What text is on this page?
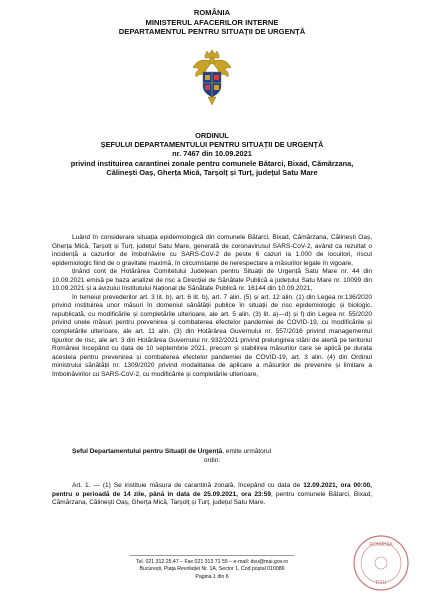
ROMÂNIA
MINISTERUL AFACERILOR INTERNE
DEPARTAMENTUL PENTRU SITUAȚII DE URGENȚĂ
ORDINUL
ȘEFULUI DEPARTAMENTULUI PENTRU SITUAȚII DE URGENȚĂ
nr. 7467 din 10.09.2021
privind instituirea carantinei zonale pentru comunele Bătarci, Bixad, Cămărzana,
Călinești Oaș, Gherța Mică, Tarșolț și Turț, județul Satu Mare

Luând în considerare situația epidemiologică din comunele Bătarci, Bixad, Cămărzana, Călinești Oaș, Gherța Mică, Tarșolț și Turț, județul Satu Mare, generată de coronavirusul SARS-CoV-2, având ca rezultat o incidență a cazurilor de îmbolnăvire cu SARS-CoV-2 de peste 6 cazuri la 1.000 de locuitori, riscul epidemiologic fiind de o gravitate maximă, în circumstanțe de nerespectare a măsurilor legale în vigoare,

ținând cont de Hotărârea Comitetului Județean pentru Situații de Urgență Satu Mare nr. 44 din 10.09.2021 emisă pe baza analizei de risc a Direcției de Sănătate Publică a județului Satu Mare nr. 10099 din 10.09.2021 și a avizului Institutului Național de Sănătate Publică nr. 16144 din 10.09.2021,

în temeiul prevederilor art. 3 lit. b), art. 6 lit. b), art. 7 alin. (5) și art. 12 alin. (1) din Legea nr.136/2020 privind instituirea unor măsuri în domeniul sănătății publice în situații de risc epidemiologic și biologic, republicată, cu modificările și completările ulterioare, ale art. 5 alin. (3) lit. a)—d) și f) din Legea nr. 55/2020 privind unele măsuri pentru prevenirea și combaterea efectelor pandemiei de COVID-19, cu modificările și completările ulterioare, ale art. 11 alin. (3) din Hotărârea Guvernului nr. 557/2016 privind managementul tipurilor de risc, ale art. 3 din Hotărârea Guvernului nr. 932/2021 privind prelungirea stării de alertă pe teritoriul României începând cu data de 10 septembrie 2021, precum și stabilirea măsurilor care se aplică pe durata acesteia pentru prevenirea și combaterea efectelor pandemiei de COVID-19, art. 3 alin. (4) din Ordinul ministrului sănătății nr. 1309/2020 privind modalitatea de aplicare a măsurilor de prevenire și limitare a îmbolnăvirilor cu SARS-CoV-2, cu modificările și completările ulterioare,

Șeful Departamentului pentru Situații de Urgență, emite următorul
ordin:

Art. 1. — (1) Se instituie măsura de carantină zonală, începând cu data de 12.09.2021, ora 00:00, pentru o perioadă de 14 zile, până în data de 25.09.2021, ora 23:59, pentru comunele Bătarci, Bixad, Cămărzana, Călinești Oaș, Gherța Mică, Tarșolț și Turț, județul Satu Mare.

Tel. 021 312.25.47 – Fax 021 313 71 55 – e-mail: dsu@mai.gov.ro
București, Piața Revoluției Nr. 1A, Sector 1, Cod poștal 010086
Pagina 1 din 6
ROMÂNIA
DSU
